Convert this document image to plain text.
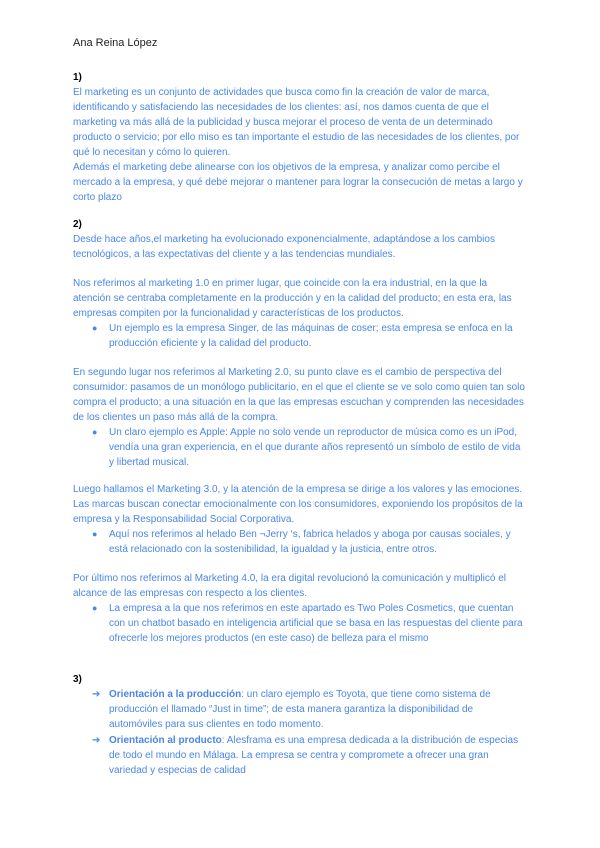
Ana Reina López
1)

El marketing es un conjunto de actividades que busca como fin la creación de valor de marca, identificando y satisfaciendo las necesidades de los clientes: así, nos damos cuenta de que el marketing va más allá de la publicidad y busca mejorar el proceso de venta de un determinado producto o servicio; por ello miso es tan importante el estudio de las necesidades de los clientes, por qué lo necesitan y cómo lo quieren.

Además el marketing debe alinearse con los objetivos de la empresa, y analizar como percibe el mercado a la empresa, y qué debe mejorar o mantener para lograr la consecución de metas a largo y corto plazo

2)

Desde hace años,el marketing ha evolucionado exponencialmente, adaptándose a los cambios tecnológicos, a las expectativas del cliente y a las tendencias mundiales.

Nos referimos al marketing 1.0 en primer lugar, que coincide con la era industrial, en la que la atención se centraba completamente en la producción y en la calidad del producto; en esta era, las empresas compiten por la funcionalidad y características de los productos.

● Un ejemplo es la empresa Singer, de las máquinas de coser; esta empresa se enfoca en la producción eficiente y la calidad del producto.

En segundo lugar nos referimos al Marketing 2.0, su punto clave es el cambio de perspectiva del consumidor: pasamos de un monólogo publicitario, en el que el cliente se ve solo como quien tan solo compra el producto; a una situación en la que las empresas escuchan y comprenden las necesidades de los clientes un paso más allá de la compra.

● Un claro ejemplo es Apple: Apple no solo vende un reproductor de música como es un iPod, vendía una gran experiencia, en el que durante años representó un símbolo de estilo de vida y libertad musical.

Luego hallamos el Marketing 3.0, y la atención de la empresa se dirige a los valores y las emociones. Las marcas buscan conectar emocionalmente con los consumidores, exponiendo los propósitos de la empresa y la Responsabilidad Social Corporativa.

● Aquí nos referimos al helado Ben ¬Jerry ‘s, fabrica helados y aboga por causas sociales, y está relacionado con la sostenibilidad, la igualdad y la justicia, entre otros.

Por último nos referimos al Marketing 4.0, la era digital revolucionó la comunicación y multiplicó el alcance de las empresas con respecto a los clientes.

● La empresa a la que nos referimos en este apartado es Two Poles Cosmetics, que cuentan con un chatbot basado en inteligencia artificial que se basa en las respuestas del cliente para ofrecerle los mejores productos (en este caso) de belleza para el mismo
3)
➔ Orientación a la producción: un claro ejemplo es Toyota, que tiene como sistema de producción el llamado “Just in time”; de esta manera garantiza la disponibilidad de automóviles para sus clientes en todo momento.
➔ Orientación al producto: Alesframa es una empresa dedicada a la distribución de especias de todo el mundo en Málaga. La empresa se centra y compromete a ofrecer una gran variedad y especias de calidad
